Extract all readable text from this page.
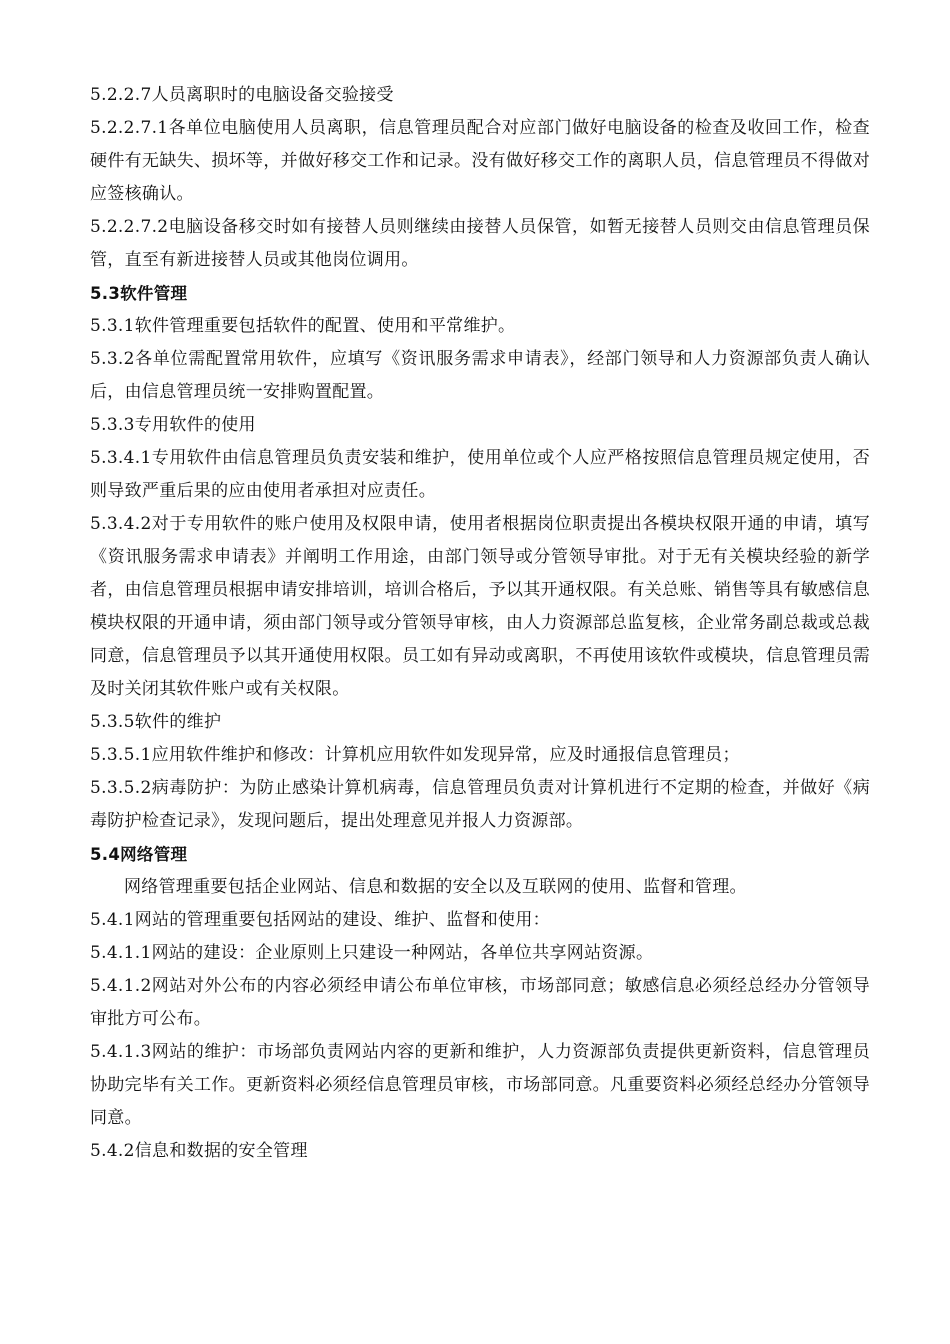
5.2.2.7人员离职时的电脑设备交验接受

5.2.2.7.1各单位电脑使用人员离职，信息管理员配合对应部门做好电脑设备的检查及收回工作，检查硬件有无缺失、损坏等，并做好移交工作和记录。没有做好移交工作的离职人员，信息管理员不得做对应签核确认。

5.2.2.7.2电脑设备移交时如有接替人员则继续由接替人员保管，如暂无接替人员则交由信息管理员保管，直至有新进接替人员或其他岗位调用。

5.3软件管理

5.3.1软件管理重要包括软件的配置、使用和平常维护。

5.3.2各单位需配置常用软件，应填写《资讯服务需求申请表》，经部门领导和人力资源部负责人确认后，由信息管理员统一安排购置配置。

5.3.3专用软件的使用

5.3.4.1专用软件由信息管理员负责安装和维护，使用单位或个人应严格按照信息管理员规定使用，否则导致严重后果的应由使用者承担对应责任。

5.3.4.2对于专用软件的账户使用及权限申请，使用者根据岗位职责提出各模块权限开通的申请，填写《资讯服务需求申请表》并阐明工作用途，由部门领导或分管领导审批。对于无有关模块经验的新学者，由信息管理员根据申请安排培训，培训合格后，予以其开通权限。有关总账、销售等具有敏感信息模块权限的开通申请，须由部门领导或分管领导审核，由人力资源部总监复核，企业常务副总裁或总裁同意，信息管理员予以其开通使用权限。员工如有异动或离职，不再使用该软件或模块，信息管理员需及时关闭其软件账户或有关权限。

5.3.5软件的维护

5.3.5.1应用软件维护和修改：计算机应用软件如发现异常，应及时通报信息管理员；

5.3.5.2病毒防护：为防止感染计算机病毒，信息管理员负责对计算机进行不定期的检查，并做好《病毒防护检查记录》，发现问题后，提出处理意见并报人力资源部。

5.4网络管理

网络管理重要包括企业网站、信息和数据的安全以及互联网的使用、监督和管理。

5.4.1网站的管理重要包括网站的建设、维护、监督和使用：

5.4.1.1网站的建设：企业原则上只建设一种网站，各单位共享网站资源。

5.4.1.2网站对外公布的内容必须经申请公布单位审核，市场部同意；敏感信息必须经总经办分管领导审批方可公布。

5.4.1.3网站的维护：市场部负责网站内容的更新和维护，人力资源部负责提供更新资料，信息管理员协助完毕有关工作。更新资料必须经信息管理员审核，市场部同意。凡重要资料必须经总经办分管领导同意。

5.4.2信息和数据的安全管理
